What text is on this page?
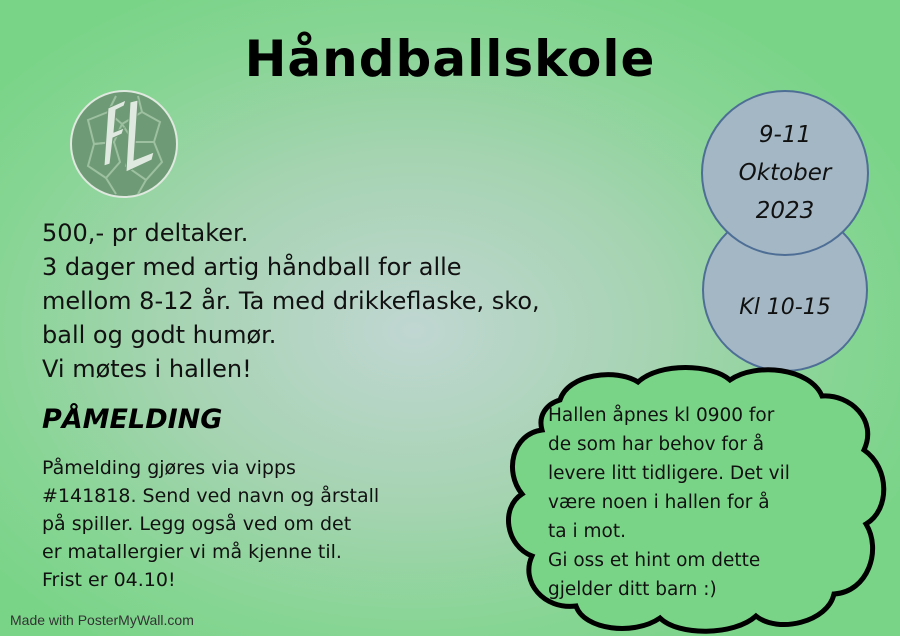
Håndballskole
500,- pr deltaker.
3 dager med artig håndball for alle
mellom 8-12 år. Ta med drikkeflaske, sko,
ball og godt humør.
Vi møtes i hallen!
PÅMELDING
Påmelding gjøres via vipps
#141818. Send ved navn og årstall
på spiller. Legg også ved om det
er matallergier vi må kjenne til.
Frist er 04.10!
Kl 10-15
9-11
Oktober
2023
Hallen åpnes kl 0900 for
de som har behov for å
levere litt tidligere. Det vil
være noen i hallen for å
ta i mot.
Gi oss et hint om dette
gjelder ditt barn :)
Made with PosterMyWall.com
